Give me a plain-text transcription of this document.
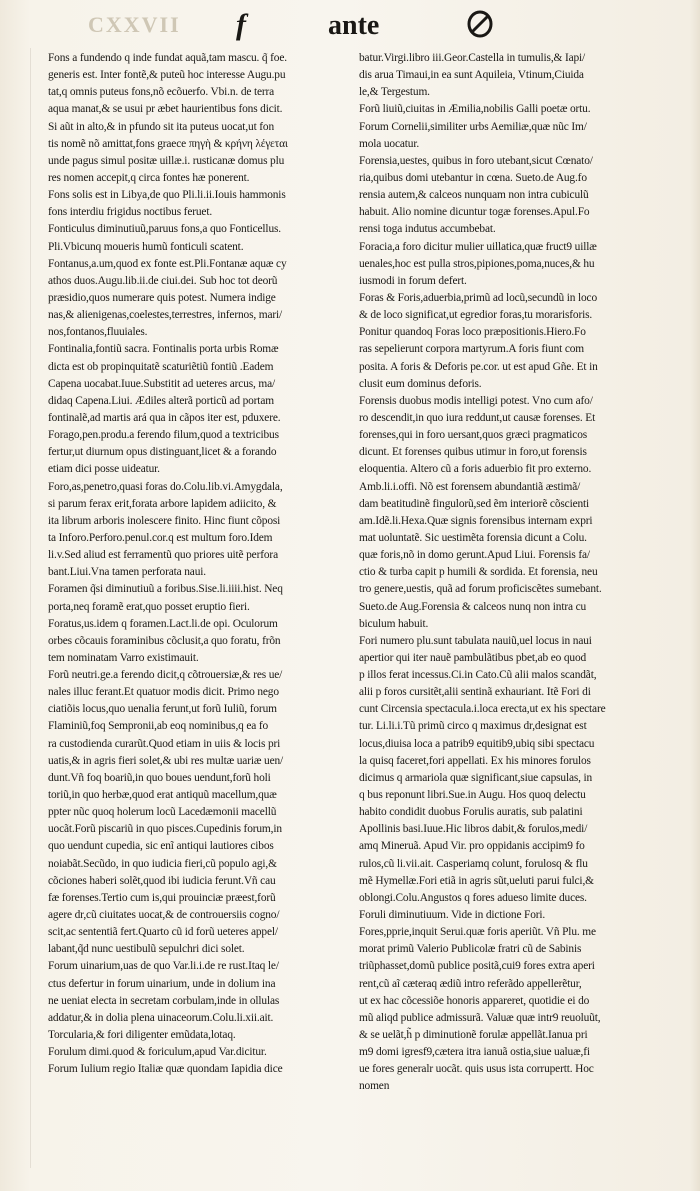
CXXVII f	ante
Fons a fundendo q inde fundat aquã,tam mascu. q̃ foe.
generis est. Inter fontẽ,& puteũ hoc interesse Augu.pu
tat,q omnis puteus fons,nõ ecõuerfo. Vbi.n. de terra
aqua manat,& se usui pr æbet haurientibus fons dicit.
Si aũt in alto,& in pfundo sit ita puteus uocat,ut fon
tis nomẽ nõ amittat,fons graece πηγὴ & κρήνη λέγεται
unde pagus simul positæ uillæ.i. rusticanæ domus plu
res nomen accepit,q circa fontes hæ ponerent.
Fons solis est in Libya,de quo Pli.li.ii.Iouis hammonis
fons interdiu frigidus noctibus feruet.
Fonticulus diminutiuũ,paruus fons,a quo Fonticellus.
Pli.Vbicunq moueris humũ fonticuli scatent.
Fontanus,a.um,quod ex fonte est.Pli.Fontanæ aquæ cy
athos duos.Augu.lib.ii.de ciui.dei. Sub hoc tot deorũ
præsidio,quos numerare quis potest. Numera indige
nas,& alienigenas,coelestes,terrestres, infernos, mari/
nos,fontanos,fluuiales.
Fontinalia,fontiũ sacra. Fontinalis porta urbis Romæ
dicta est ob propinquitatẽ scaturiẽtiũ fontiũ .Eadem
Capena uocabat.Iuue.Substitit ad ueteres arcus, ma/
didaq Capena.Liui. Ædiles alterã porticũ ad portam
fontinalẽ,ad martis ará qua in cãpos iter est, pduxere.
Forago,pen.produ.a ferendo filum,quod a textricibus
fertur,ut diurnum opus distinguant,licet & a forando
etiam dici posse uideatur.
Foro,as,penetro,quasi foras do.Colu.lib.vi.Amygdala,
si parum ferax erit,forata arbore lapidem adiicito, &
ita librum arboris inolescere finito. Hinc fiunt cõposi
ta Inforo.Perforo.penul.cor.q est multum foro.Idem
li.v.Sed aliud est ferramentũ quo priores uitẽ perfora
bant.Liui.Vna tamen perforata naui.
Foramen q̃si diminutiuũ a foribus.Sise.li.iiii.hist. Neq
porta,neq foramẽ erat,quo posset eruptio fieri.
Foratus,us.idem q foramen.Lact.li.de opi. Oculorum
orbes cõcauis foraminibus cõclusit,a quo foratu, frõn
tem nominatam Varro existimauit.
Forũ neutri.ge.a ferendo dicit,q cõtrouersiæ,& res ue/
nales illuc ferant.Et quatuor modis dicit. Primo nego
ciatiõis locus,quo uenalia ferunt,ut forũ Iuliũ, forum
Flaminiũ,foq Sempronii,ab eoq nominibus,q ea fo
ra custodienda curarũt.Quod etiam in uiis & locis pri
uatis,& in agris fieri solet,& ubi res multæ uariæ uen/
dunt.Vñ foq boariũ,in quo boues uendunt,forũ holi
toriũ,in quo herbæ,quod erat antiquũ macellum,quæ
ppter nũc quoq holerum locũ Lacedæmonii macellũ
uocãt.Forũ piscariũ in quo pisces.Cupedinis forum,in
quo uendunt cupedia, sic enĩ antiqui lautiores cibos
noiabãt.Secũdo, in quo iudicia fieri,cũ populo agi,&
cõciones haberi solẽt,quod ibi iudicia ferunt.Vñ cau
fæ forenses.Tertio cum is,qui prouinciæ præest,forũ
agere dr,cũ ciuitates uocat,& de controuersiis cogno/
scit,ac sententiã fert.Quarto cũ id forũ ueteres appel/
labant,q̃d nunc uestibulũ sepulchri dici solet.
Forum uinarium,uas de quo Var.li.i.de re rust.Itaq le/
ctus defertur in forum uinarium, unde in dolium ina
ne ueniat electa in secretam corbulam,inde in ollulas
addatur,& in dolia plena uinaceorum.Colu.li.xii.ait.
Torcularia,& fori diligenter emũdata,lotaq.
Forulum dimi.quod & foriculum,apud Var.dicitur.
Forum Iulium regio Italiæ quæ quondam Iapidia dice
batur.Virgi.libro iii.Geor.Castella in tumulis,& Iapi/
dis arua Timaui,in ea sunt Aquileia, Vtinum,Ciuida
le,& Tergestum.
Forũ liuiũ,ciuitas in Æmilia,nobilis Galli poetæ ortu.
Forum Cornelii,similiter urbs Aemiliæ,quæ nũc Im/
mola uocatur.
Forensia,uestes, quibus in foro utebant,sicut Cœnato/
ria,quibus domi utebantur in cœna. Sueto.de Aug.fo
rensia autem,& calceos nunquam non intra cubiculũ
habuit. Alio nomine dicuntur togæ forenses.Apul.Fo
rensi toga indutus accumbebat.
Foracia,a foro dicitur mulier uillatica,quæ fruct9 uillæ
uenales,hoc est pulla stros,pipiones,poma,nuces,& hu
iusmodi in forum defert.
Foras & Foris,aduerbia,primũ ad locũ,secundũ in loco
& de loco significat,ut egredior foras,tu morarisforis.
Ponitur quandoq Foras loco præpositionis.Hiero.Fo
ras sepelierunt corpora martyrum.A foris fiunt com
posita. A foris & Deforis pe.cor. ut est apud Gñe. Et in
clusit eum dominus deforis.
Forensis duobus modis intelligi potest. Vno cum afo/
ro descendit,in quo iura reddunt,ut causæ forenses. Et
forenses,qui in foro uersant,quos græci pragmaticos
dicunt. Et forenses quibus utimur in foro,ut forensis
eloquentia. Altero cũ a foris aduerbio fit pro externo.
Amb.li.i.offi. Nõ est forensem abundantiã æstimã/
dam beatitudinẽ fingulorũ,sed ẽm interiorẽ cõscienti
am.Idẽ.li.Hexa.Quæ signis forensibus internam expri
mat uoluntatẽ. Sic uestimẽta forensia dicunt a Colu.
quæ foris,nõ in domo gerunt.Apud Liui. Forensis fa/
ctio & turba capit p humili & sordida. Et forensia, neu
tro genere,uestis, quã ad forum proficiscẽtes sumebant.
Sueto.de Aug.Forensia & calceos nunq non intra cu
biculum habuit.
Fori numero plu.sunt tabulata nauiũ,uel locus in naui
apertior qui iter nauẽ pambulãtibus pbet,ab eo quod
p illos ferat incessus.Ci.in Cato.Cũ alii malos scandãt,
alii p foros cursitẽt,alii sentinã exhauriant. Itẽ Fori di
cunt Circensia spectacula.i.loca erecta,ut ex his spectare
tur. Li.li.i.Tũ primũ circo q maximus dr,designat est
locus,diuisa loca a patrib9 equitib9,ubiq sibi spectacu
la quisq faceret,fori appellati. Ex his minores forulos
dicimus q armariola quæ significant,siue capsulas, in
q bus reponunt libri.Sue.in Augu. Hos quoq delectu
habito condidit duobus Forulis auratis, sub palatini
Apollinis basi.Iuue.Hic libros dabit,& forulos,medi/
amq Mineruã. Apud Vir. pro oppidanis accipim9 fo
rulos,cũ li.vii.ait. Casperiamq colunt, forulosq & flu
mẽ Hymellæ.Fori etiã in agris sũt,ueluti parui fulci,&
oblongi.Colu.Angustos q fores adueso limite duces.
Foruli diminutiuum. Vide in dictione Fori.
Fores,pprie,inquit Serui.quæ foris aperiũt. Vñ Plu. me
morat primũ Valerio Publicolæ fratri cũ de Sabinis
triũphasset,domũ publice positã,cui9 fores extra aperi
rent,cũ aĩ cæteraq ædiũ intro referãdo appellerẽtur,
ut ex hac cõcessiõe honoris appareret, quotidie ei do
mũ aliqd publice admissurã. Valuæ quæ intr9 reuoluũt,
& se uelãt,h̃ p diminutionẽ forulæ appellãt.Ianua pri
m9 domi igresf9,cætera itra ianuã ostia,siue ualuæ,fi
ue fores generalr uocãt. quis usus ista corrupertt. Hoc
nomen
